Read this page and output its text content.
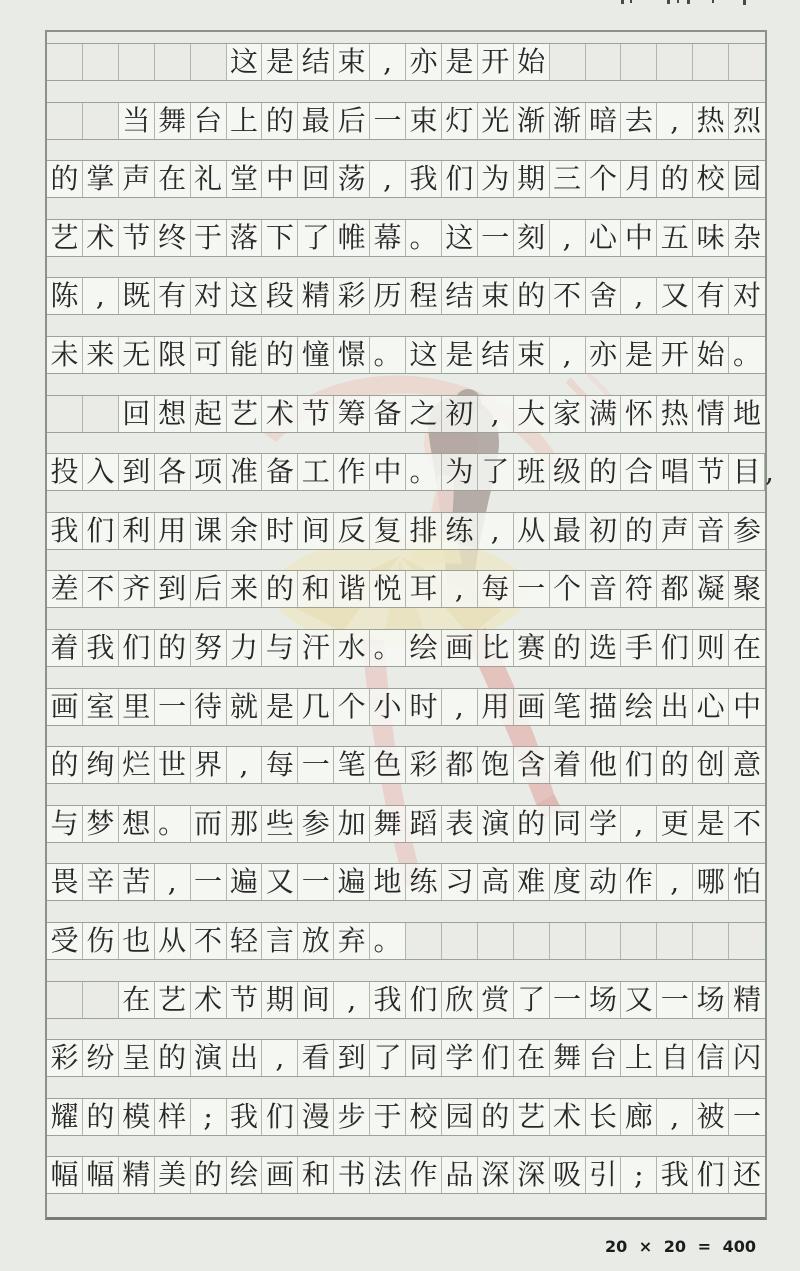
这 是 结 束 , 亦 是 开 始
当 舞 台 上 的 最 后 一 束 灯 光 渐 渐 暗 去 , 热 烈
的 掌 声 在 礼 堂 中 回 荡 , 我 们 为 期 三 个 月 的 校 园
艺 术 节 终 于 落 下 了 帷 幕 。 这 一 刻 , 心 中 五 味 杂
陈 , 既 有 对 这 段 精 彩 历 程 结 束 的 不 舍 , 又 有 对
未 来 无 限 可 能 的 憧 憬 。 这 是 结 束 , 亦 是 开 始 。
回 想 起 艺 术 节 筹 备 之 初 , 大 家 满 怀 热 情 地
投 入 到 各 项 准 备 工 作 中 。 为 了 班 级 的 合 唱 节 目 ,
我 们 利 用 课 余 时 间 反 复 排 练 , 从 最 初 的 声 音 参
差 不 齐 到 后 来 的 和 谐 悦 耳 , 每 一 个 音 符 都 凝 聚
着 我 们 的 努 力 与 汗 水 。 绘 画 比 赛 的 选 手 们 则 在
画 室 里 一 待 就 是 几 个 小 时 , 用 画 笔 描 绘 出 心 中
的 绚 烂 世 界 , 每 一 笔 色 彩 都 饱 含 着 他 们 的 创 意
与 梦 想 。 而 那 些 参 加 舞 蹈 表 演 的 同 学 , 更 是 不
畏 辛 苦 , 一 遍 又 一 遍 地 练 习 高 难 度 动 作 , 哪 怕
受 伤 也 从 不 轻 言 放 弃 。
在 艺 术 节 期 间 , 我 们 欣 赏 了 一 场 又 一 场 精
彩 纷 呈 的 演 出 , 看 到 了 同 学 们 在 舞 台 上 自 信 闪
耀 的 模 样 ; 我 们 漫 步 于 校 园 的 艺 术 长 廊 , 被 一
幅 幅 精 美 的 绘 画 和 书 法 作 品 深 深 吸 引 ; 我 们 还
20 × 20 = 400
